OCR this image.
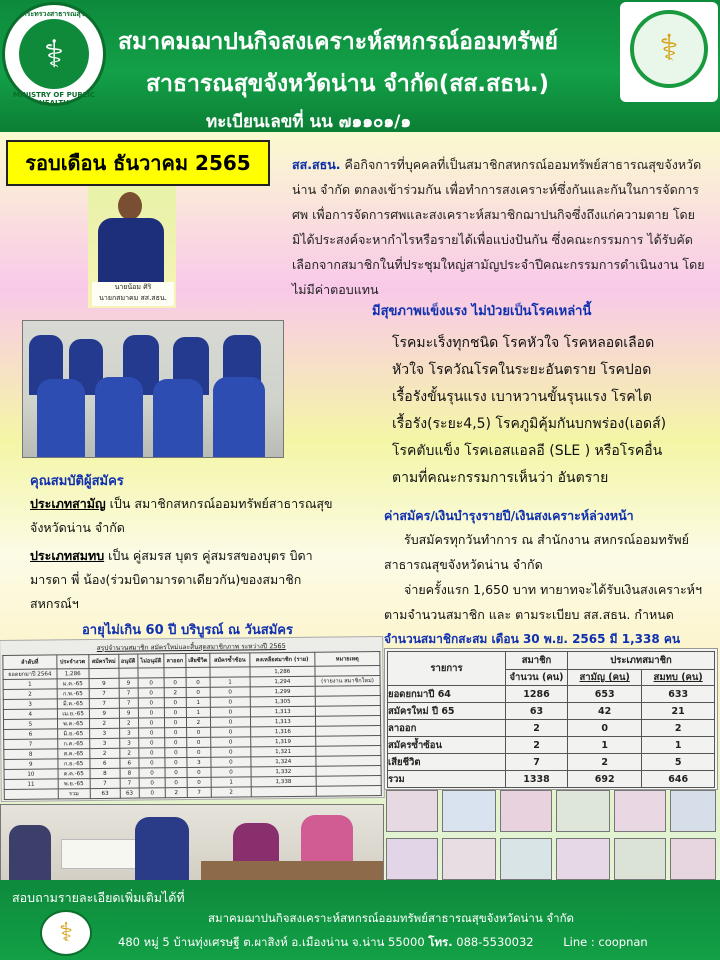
กระทรวงสาธารณสุข
⚕
MINISTRY OF PUBLIC HEALTH
สมาคมฌาปนกิจสงเคราะห์สหกรณ์ออมทรัพย์
สาธารณสุขจังหวัดน่าน จำกัด(สส.สธน.)
ทะเบียนเลขที่ นน ๗๑๑๐๑/๑
⚕
รอบเดือน ธันวาคม 2565
นายน้อม ศิริ
นายกสมาคม สส.สธน.
สส.สธน. คือกิจการที่บุคคลที่เป็นสมาชิกสหกรณ์ออมทรัพย์สาธารณสุขจังหวัดน่าน จำกัด ตกลงเข้าร่วมกัน เพื่อทำการสงเคราะห์ซึ่งกันและกันในการจัดการศพ เพื่อการจัดการศพและสงเคราะห์สมาชิกฌาปนกิจซึ่งถึงแก่ความตาย โดยมิได้ประสงค์จะหากำไรหรือรายได้เพื่อแบ่งปันกัน ซึ่งคณะกรรมการ ได้รับคัดเลือกจากสมาชิกในที่ประชุมใหญ่สามัญประจำปีคณะกรรมการดำเนินงาน โดยไม่มีค่าตอบแทน
มีสุขภาพแข็งแรง ไม่ป่วยเป็นโรคเหล่านี้
โรคมะเร็งทุกชนิด โรคหัวใจ โรคหลอดเลือด
หัวใจ โรควัณโรคในระยะอันตราย โรคปอด
เรื้อรังขั้นรุนแรง เบาหวานขั้นรุนแรง โรคไต
เรื้อรัง(ระยะ4,5) โรคภูมิคุ้มกันบกพร่อง(เอดส์)
โรคตับแข็ง โรคเอสแอลอี (SLE ) หรือโรคอื่น
ตามที่คณะกรรมการเห็นว่า อันตราย
คุณสมบัติผู้สมัคร
ประเภทสามัญ เป็น สมาชิกสหกรณ์ออมทรัพย์สาธารณสุข
จังหวัดน่าน จำกัด
ประเภทสมทบ เป็น คู่สมรส บุตร คู่สมรสของบุตร บิดา
มารดา พี่ น้อง(ร่วมบิดามารดาเดียวกัน)ของสมาชิก
สหกรณ์ฯ
อายุไม่เกิน 60 ปี บริบูรณ์ ณ วันสมัคร
ค่าสมัคร/เงินบำรุงรายปี/เงินสงเคราะห์ล่วงหน้า
รับสมัครทุกวันทำการ ณ สำนักงาน สหกรณ์ออมทรัพย์
สาธารณสุขจังหวัดน่าน จำกัด
จ่ายครั้งแรก 1,650 บาท ทายาทจะได้รับเงินสงเคราะห์ฯ
ตามจำนวนสมาชิก และ ตามระเบียบ สส.สธน. กำหนด
จำนวนสมาชิกสะสม เดือน 30 พ.ย. 2565 มี 1,338 คน
สรุปจำนวนสมาชิก สมัครใหม่และสิ้นสุดสมาชิกภาพ ระหว่างปี 2565
ลำดับที่	ประจำงวด	สมัครใหม่	อนุมัติ	ไม่อนุมัติ	ลาออก	เสียชีวิต	สมัครซ้ำซ้อน	คงเหลือสมาชิก (ราย)	หมายเหตุ
ยอดยกมาปี 2564	1,286							1,286	
1	ม.ค.-65	9	9	0	0	0	1	1,294	(รายงาน สมาชิกใหม่)
2	ก.พ.-65	7	7	0	2	0	0	1,299	
3	มี.ค.-65	7	7	0	0	1	0	1,305	
4	เม.ย.-65	9	9	0	0	1	0	1,313	
5	พ.ค.-65	2	2	0	0	2	0	1,313	
6	มิ.ย.-65	3	3	0	0	0	0	1,316	
7	ก.ค.-65	3	3	0	0	0	0	1,319	
8	ส.ค.-65	2	2	0	0	0	0	1,321	
9	ก.ย.-65	6	6	0	0	3	0	1,324	
10	ต.ค.-65	8	8	0	0	0	0	1,332	
11	พ.ย.-65	7	7	0	0	0	1	1,338	
	รวม	63	63	0	2	7	2		
รายการ	สมาชิก	ประเภทสมาชิก	
	จำนวน (คน)	สามัญ (คน)	สมทบ (คน)
ยอดยกมาปี 64	1286	653	633
สมัครใหม่ ปี 65	63	42	21
ลาออก	2	0	2
สมัครซ้ำซ้อน	2	1	1
เสียชีวิต	7	2	5
รวม	1338	692	646
สอบถามรายละเอียดเพิ่มเติมได้ที่
⚕	สมาคมฌาปนกิจสงเคราะห์สหกรณ์ออมทรัพย์สาธารณสุขจังหวัดน่าน จำกัด
480 หมู่ 5 บ้านทุ่งเศรษฐี ต.ผาสิงห์ อ.เมืองน่าน จ.น่าน 55000 โทร. 088-5530032	Line : coopnan
